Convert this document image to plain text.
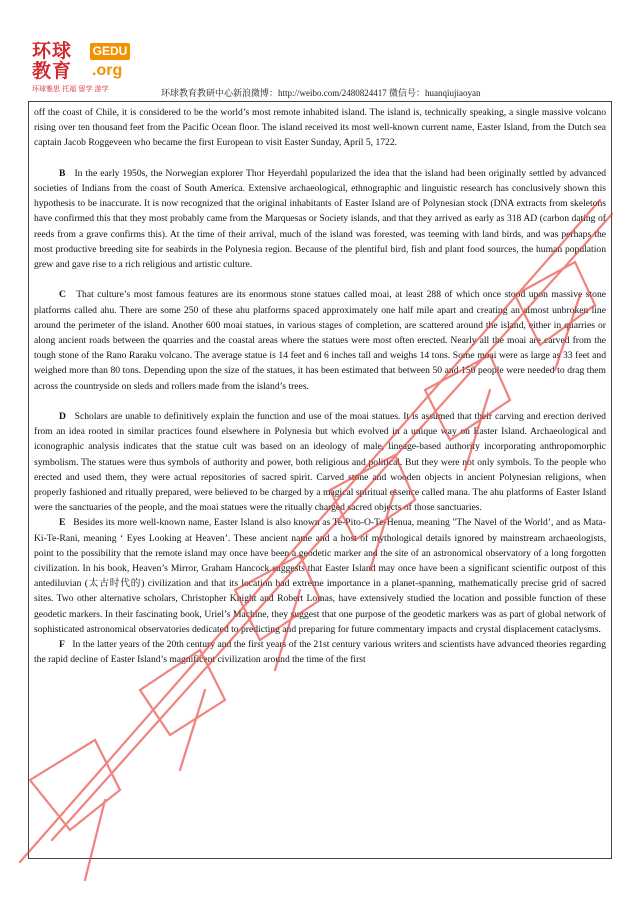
环球
教育
GEDU
.org
环球雅思 托福 留学 游学	环球教育教研中心新浪微博：http://weibo.com/2480824417 微信号：huanqiujiaoyan

off the coast of Chile, it is considered to be the world’s most remote inhabited island. The island is, technically speaking, a single massive volcano rising over ten thousand feet from the Pacific Ocean floor. The island received its most well-known current name, Easter Island, from the Dutch sea captain Jacob Roggeveen who became the first European to visit Easter Sunday, April 5, 1722.

B In the early 1950s, the Norwegian explorer Thor Heyerdahl popularized the idea that the island had been originally settled by advanced societies of Indians from the coast of South America. Extensive archaeological, ethnographic and linguistic research has conclusively shown this hypothesis to be inaccurate. It is now recognized that the original inhabitants of Easter Island are of Polynesian stock (DNA extracts from skeletons have confirmed this that they most probably came from the Marquesas or Society islands, and that they arrived as early as 318 AD (carbon dating of reeds from a grave confirms this). At the time of their arrival, much of the island was forested, was teeming with land birds, and was perhaps the most productive breeding site for seabirds in the Polynesia region. Because of the plentiful bird, fish and plant food sources, the human population grew and gave rise to a rich religious and artistic culture.

C That culture’s most famous features are its enormous stone statues called moai, at least 288 of which once stood upon massive stone platforms called ahu. There are some 250 of these ahu platforms spaced approximately one half mile apart and creating an almost unbroken line around the perimeter of the island. Another 600 moai statues, in various stages of completion, are scattered around the island, either in quarries or along ancient roads between the quarries and the coastal areas where the statues were most often erected. Nearly all the moai are carved from the tough stone of the Rano Raraku volcano. The average statue is 14 feet and 6 inches tall and weighs 14 tons. Some moai were as large as 33 feet and weighed more than 80 tons. Depending upon the size of the statues, it has been estimated that between 50 and 150 people were needed to drag them across the countryside on sleds and rollers made from the island’s trees.

D Scholars are unable to definitively explain the function and use of the moai statues. It is assumed that their carving and erection derived from an idea rooted in similar practices found elsewhere in Polynesia but which evolved in a unique way on Easter Island. Archaeological and iconographic analysis indicates that the statue cult was based on an ideology of male, lineage-based authority incorporating anthropomorphic symbolism. The statues were thus symbols of authority and power, both religious and political. But they were not only symbols. To the people who erected and used them, they were actual repositories of sacred spirit. Carved stone and wooden objects in ancient Polynesian religions, when properly fashioned and ritually prepared, were believed to be charged by a magical spiritual essence called mana. The ahu platforms of Easter Island were the sanctuaries of the people, and the moai statues were the ritually charged sacred objects of those sanctuaries.

E Besides its more well-known name, Easter Island is also known as Te-Pito-O-Te-Henua, meaning "The Navel of the World’, and as Mata-Ki-Te-Rani, meaning ‘ Eyes Looking at Heaven’. These ancient name and a host of mythological details ignored by mainstream archaeologists, point to the possibility that the remote island may once have been a geodetic marker and the site of an astronomical observatory of a long forgotten civilization. In his book, Heaven’s Mirror, Graham Hancock suggests that Easter Island may once have been a significant scientific outpost of this antediluvian (太古时代的) civilization and that its location had extreme importance in a planet-spanning, mathematically precise grid of sacred sites. Two other alternative scholars, Christopher Knight and Robert Lomas, have extensively studied the location and possible function of these geodetic markers. In their fascinating book, Uriel’s Machine, they suggest that one purpose of the geodetic markers was as part of global network of sophisticated astronomical observatories dedicated to predicting and preparing for future commentary impacts and crystal displacement cataclysms.

F In the latter years of the 20th century and the first years of the 21st century various writers and scientists have advanced theories regarding the rapid decline of Easter Island’s magnificent civilization around the time of the first
